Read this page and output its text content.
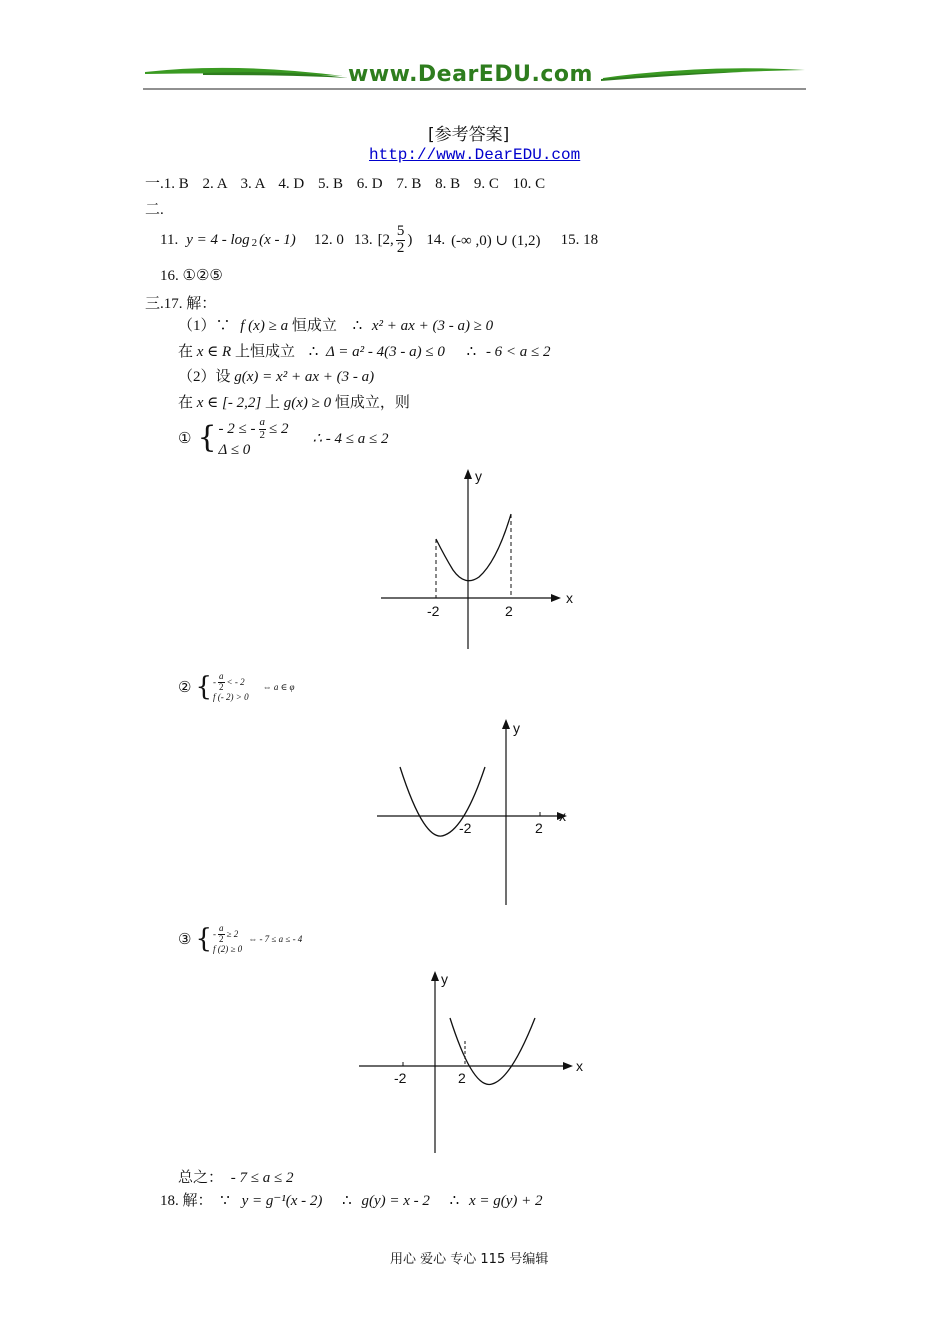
www.DearEDU.com
[参考答案]
http://www.DearEDU.com
一.1. B 2. A 3. A 4. D 5. B 6. D 7. B 8. B 9. C 10. C
二.
11. $y = 4 - \log_2 (x - 1)$ 12. 0 13. [2, $\frac{5}{2}$ ) 14. (-∞ ,0) ∪ (1,2) 15. 18
16. ①②⑤
三.17. 解：
（1）∵ f (x) ≥ a 恒成立 ∴ x² + ax + (3 - a) ≥ 0
在 x ∈ R 上恒成立 ∴ Δ = a² - 4(3 - a) ≤ 0 ∴ - 6 < a ≤ 2
（2）设 g(x) = x² + ax + (3 - a)
在 x ∈ [- 2,2] 上 g(x) ≥ 0 恒成立，则
① { - 2 ≤ - $\frac{a}{2} \le 2$
Δ ≤ 0
∴ - 4 ≤ a ≤ 2
x
y
-2	2
② { - $\frac{a}{2}$ < - 2
f (- 2) > 0
⇔ a ∈ φ
x
y
-2	2
③ { - $\frac{a}{2} \ge 2$
f (2) ≥ 0
⇔ - 7 ≤ a ≤ - 4
x
y
-2	2
总之： - 7 ≤ a ≤ 2
18. 解： ∵ y = g⁻¹(x - 2) ∴ g(y) = x - 2 ∴ x = g(y) + 2
用心 爱心 专心 115 号编辑
